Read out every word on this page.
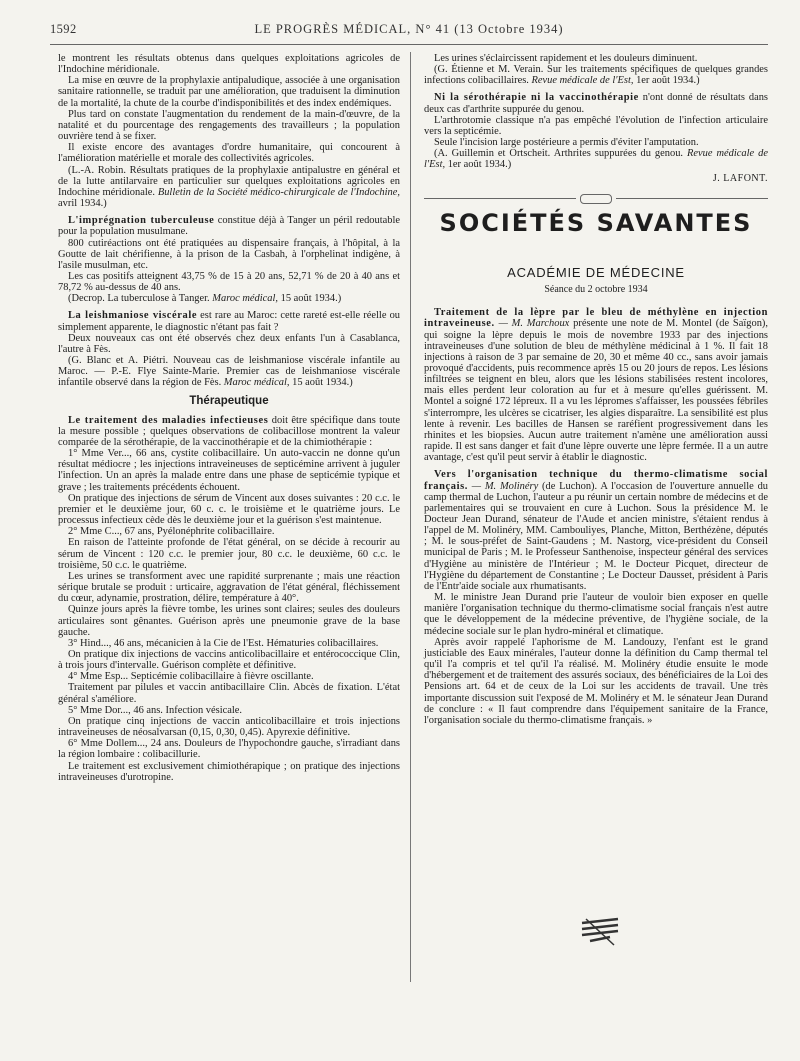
1592	LE PROGRÈS MÉDICAL, N° 41 (13 Octobre 1934)

le montrent les résultats obtenus dans quelques exploitations agricoles de l'Indochine méridionale.

La mise en œuvre de la prophylaxie antipaludique, associée à une organisation sanitaire rationnelle, se traduit par une amélioration, que traduisent la diminution de la mortalité, la chute de la courbe d'indisponibilités et des index endémiques.

Plus tard on constate l'augmentation du rendement de la main-d'œuvre, de la natalité et du pourcentage des rengagements des travailleurs ; la population ouvrière tend à se fixer.

Il existe encore des avantages d'ordre humanitaire, qui concourent à l'amélioration matérielle et morale des collectivités agricoles.

(L.-A. Robin. Résultats pratiques de la prophylaxie antipalustre en général et de la lutte antilarvaire en particulier sur quelques exploitations agricoles en Indochine méridionale. Bulletin de la Société médico-chirurgicale de l'Indochine, avril 1934.)

L'imprégnation tuberculeuse constitue déjà à Tanger un péril redoutable pour la population musulmane.

800 cutiréactions ont été pratiquées au dispensaire français, à l'hôpital, à la Goutte de lait chérifienne, à la prison de la Casbah, à l'orphelinat indigène, à l'asile musulman, etc.

Les cas positifs atteignent 43,75 % de 15 à 20 ans, 52,71 % de 20 à 40 ans et 78,72 % au-dessus de 40 ans.

(Decrop. La tuberculose à Tanger. Maroc médical, 15 août 1934.)

La leishmaniose viscérale est rare au Maroc: cette rareté est-elle réelle ou simplement apparente, le diagnostic n'étant pas fait ?

Deux nouveaux cas ont été observés chez deux enfants l'un à Casablanca, l'autre à Fès.

(G. Blanc et A. Piétri. Nouveau cas de leishmaniose viscérale infantile au Maroc. — P.-E. Flye Sainte-Marie. Premier cas de leishmaniose viscérale infantile observé dans la région de Fès. Maroc médical, 15 août 1934.)

Thérapeutique

Le traitement des maladies infectieuses doit être spécifique dans toute la mesure possible ; quelques observations de colibacillose montrent la valeur comparée de la sérothérapie, de la vaccinothérapie et de la chimiothérapie :

1° Mme Ver..., 66 ans, cystite colibacillaire. Un auto-vaccin ne donne qu'un résultat médiocre ; les injections intraveineuses de septicémine arrivent à juguler l'infection. Un an après la malade entre dans une phase de septicémie typique et grave ; les traitements précédents échouent.

On pratique des injections de sérum de Vincent aux doses suivantes : 20 c.c. le premier et le deuxième jour, 60 c. c. le troisième et le quatrième jours. Le processus infectieux cède dès le deuxième jour et la guérison s'est maintenue.

2° Mme C..., 67 ans, Pyélonéphrite colibacillaire.

En raison de l'atteinte profonde de l'état général, on se décide à recourir au sérum de Vincent : 120 c.c. le premier jour, 80 c.c. le deuxième, 60 c.c. le troisième, 50 c.c. le quatrième.

Les urines se transforment avec une rapidité surprenante ; mais une réaction sérique brutale se produit : urticaire, aggravation de l'état général, fléchissement du cœur, adynamie, prostration, délire, température à 40°.

Quinze jours après la fièvre tombe, les urines sont claires; seules des douleurs articulaires sont gênantes. Guérison après une pneumonie grave de la base gauche.

3° Hind..., 46 ans, mécanicien à la Cie de l'Est. Hématuries colibacillaires.

On pratique dix injections de vaccins anticolibacillaire et entérococcique Clin, à trois jours d'intervalle. Guérison complète et définitive.

4° Mme Esp... Septicémie colibacillaire à fièvre oscillante.

Traitement par pilules et vaccin antibacillaire Clin. Abcès de fixation. L'état général s'améliore.

5° Mme Dor..., 46 ans. Infection vésicale.

On pratique cinq injections de vaccin anticolibacillaire et trois injections intraveineuses de néosalvarsan (0,15, 0,30, 0,45). Apyrexie définitive.

6° Mme Dollem..., 24 ans. Douleurs de l'hypochondre gauche, s'irradiant dans la région lombaire : colibacillurie.

Le traitement est exclusivement chimiothérapique ; on pratique des injections intraveineuses d'urotropine.

Les urines s'éclaircissent rapidement et les douleurs diminuent.

(G. Étienne et M. Verain. Sur les traitements spécifiques de quelques grandes infections colibacillaires. Revue médicale de l'Est, 1er août 1934.)

Ni la sérothérapie ni la vaccinothérapie n'ont donné de résultats dans deux cas d'arthrite suppurée du genou.

L'arthrotomie classique n'a pas empêché l'évolution de l'infection articulaire vers la septicémie.

Seule l'incision large postérieure a permis d'éviter l'amputation.

(A. Guillemin et Ortscheit. Arthrites suppurées du genou. Revue médicale de l'Est, 1er août 1934.)

J. LAFONT.
SOCIÉTÉS SAVANTES
ACADÉMIE DE MÉDECINE
Séance du 2 octobre 1934

Traitement de la lèpre par le bleu de méthylène en injection intraveineuse. — M. Marchoux présente une note de M. Montel (de Saïgon), qui soigne la lèpre depuis le mois de novembre 1933 par des injections intraveineuses d'une solution de bleu de méthylène médicinal à 1 %. Il fait 18 injections à raison de 3 par semaine de 20, 30 et même 40 cc., sans avoir jamais provoqué d'accidents, puis recommence après 15 ou 20 jours de repos. Les lésions infiltrées se teignent en bleu, alors que les lésions stabilisées restent incolores, mais elles perdent leur coloration au fur et à mesure qu'elles guérissent. M. Montel a soigné 172 lépreux. Il a vu les lépromes s'affaisser, les poussées fébriles s'interrompre, les ulcères se cicatriser, les algies disparaître. La sensibilité est plus lente à revenir. Les bacilles de Hansen se raréfient progressivement dans les rhinites et les biopsies. Aucun autre traitement n'amène une amélioration aussi rapide. Il est sans danger et fait d'une lèpre ouverte une lèpre fermée. Il a un autre avantage, c'est qu'il peut servir à établir le diagnostic.

Vers l'organisation technique du thermo-climatisme social français. — M. Molinéry (de Luchon). A l'occasion de l'ouverture annuelle du camp thermal de Luchon, l'auteur a pu réunir un certain nombre de médecins et de parlementaires qui se trouvaient en cure à Luchon. Sous la présidence M. le Docteur Jean Durand, sénateur de l'Aude et ancien ministre, s'étaient rendus à l'appel de M. Molinéry, MM. Cambouliyes, Planche, Mitton, Berthézène, députés ; M. le sous-préfet de Saint-Gaudens ; M. Nastorg, vice-président du Conseil municipal de Paris ; M. le Professeur Santhenoise, inspecteur général des services d'Hygiène au ministère de l'Intérieur ; M. le Docteur Picquet, directeur de l'Hygiène du département de Constantine ; Le Docteur Dausset, président à Paris de l'Entr'aide sociale aux rhumatisants.

M. le ministre Jean Durand prie l'auteur de vouloir bien exposer en quelle manière l'organisation technique du thermo-climatisme social français n'est autre que le développement de la médecine préventive, de l'hygiène sociale, de la médecine sociale sur le plan hydro-minéral et climatique.

Après avoir rappelé l'aphorisme de M. Landouzy, l'enfant est le grand justiciable des Eaux minérales, l'auteur donne la définition du Camp thermal tel qu'il l'a compris et tel qu'il l'a réalisé. M. Molinéry étudie ensuite le mode d'hébergement et de traitement des assurés sociaux, des bénéficiaires de la Loi des Pensions art. 64 et de ceux de la Loi sur les accidents de travail. Une très importante discussion suit l'exposé de M. Molinéry et M. le sénateur Jean Durand de conclure : « Il faut comprendre dans l'équipement sanitaire de la France, l'organisation sociale du thermo-climatisme français. »
